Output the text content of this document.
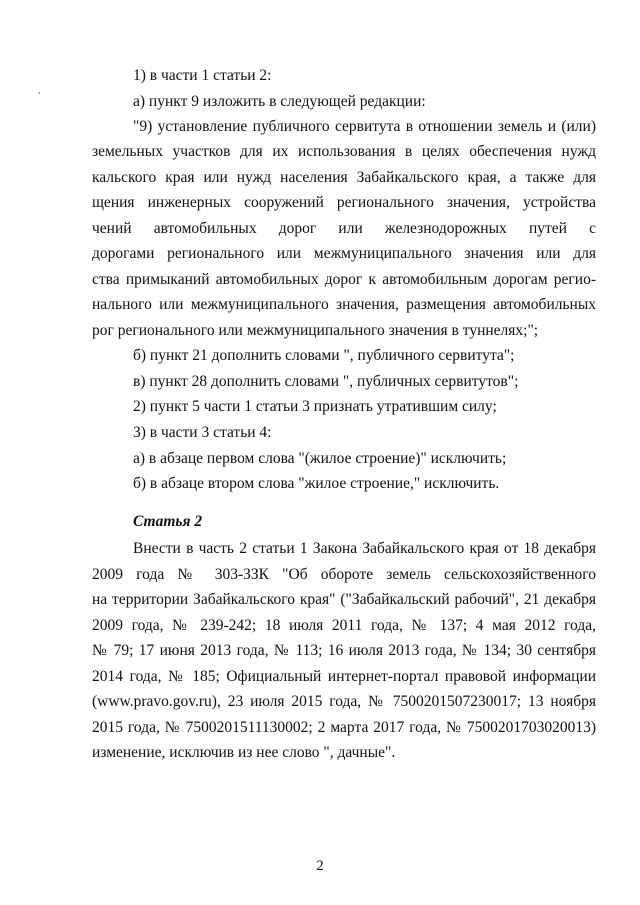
1) в части 1 статьи 2:
а) пункт 9 изложить в следующей редакции:
"9) установление публичного сервитута в отношении земель и (или)
земельных участков для их использования в целях обеспечения нужд
кальского края или нужд населения Забайкальского края, а также для
щения инженерных сооружений регионального значения, устройства
чений автомобильных дорог или железнодорожных путей с
дорогами регионального или межмуниципального значения или для
ства примыканий автомобильных дорог к автомобильным дорогам регио-
нального или межмуниципального значения, размещения автомобильных
рог регионального или межмуниципального значения в туннелях;";
б) пункт 21 дополнить словами ", публичного сервитута";
в) пункт 28 дополнить словами ", публичных сервитутов";
2) пункт 5 части 1 статьи 3 признать утратившим силу;
3) в части 3 статьи 4:
а) в абзаце первом слова "(жилое строение)" исключить;
б) в абзаце втором слова "жилое строение," исключить.
Статья 2
Внести в часть 2 статьи 1 Закона Забайкальского края от 18 декабря
2009 года № 303-ЗЗК "Об обороте земель сельскохозяйственного
на территории Забайкальского края" ("Забайкальский рабочий", 21 декабря
2009 года, № 239-242; 18 июля 2011 года, № 137; 4 мая 2012 года,
№ 79; 17 июня 2013 года, № 113; 16 июля 2013 года, № 134; 30 сентября
2014 года, № 185; Официальный интернет-портал правовой информации
(www.pravo.gov.ru), 23 июля 2015 года, № 7500201507230017; 13 ноября
2015 года, № 7500201511130002; 2 марта 2017 года, № 7500201703020013)
изменение, исключив из нее слово ", дачные".
2
